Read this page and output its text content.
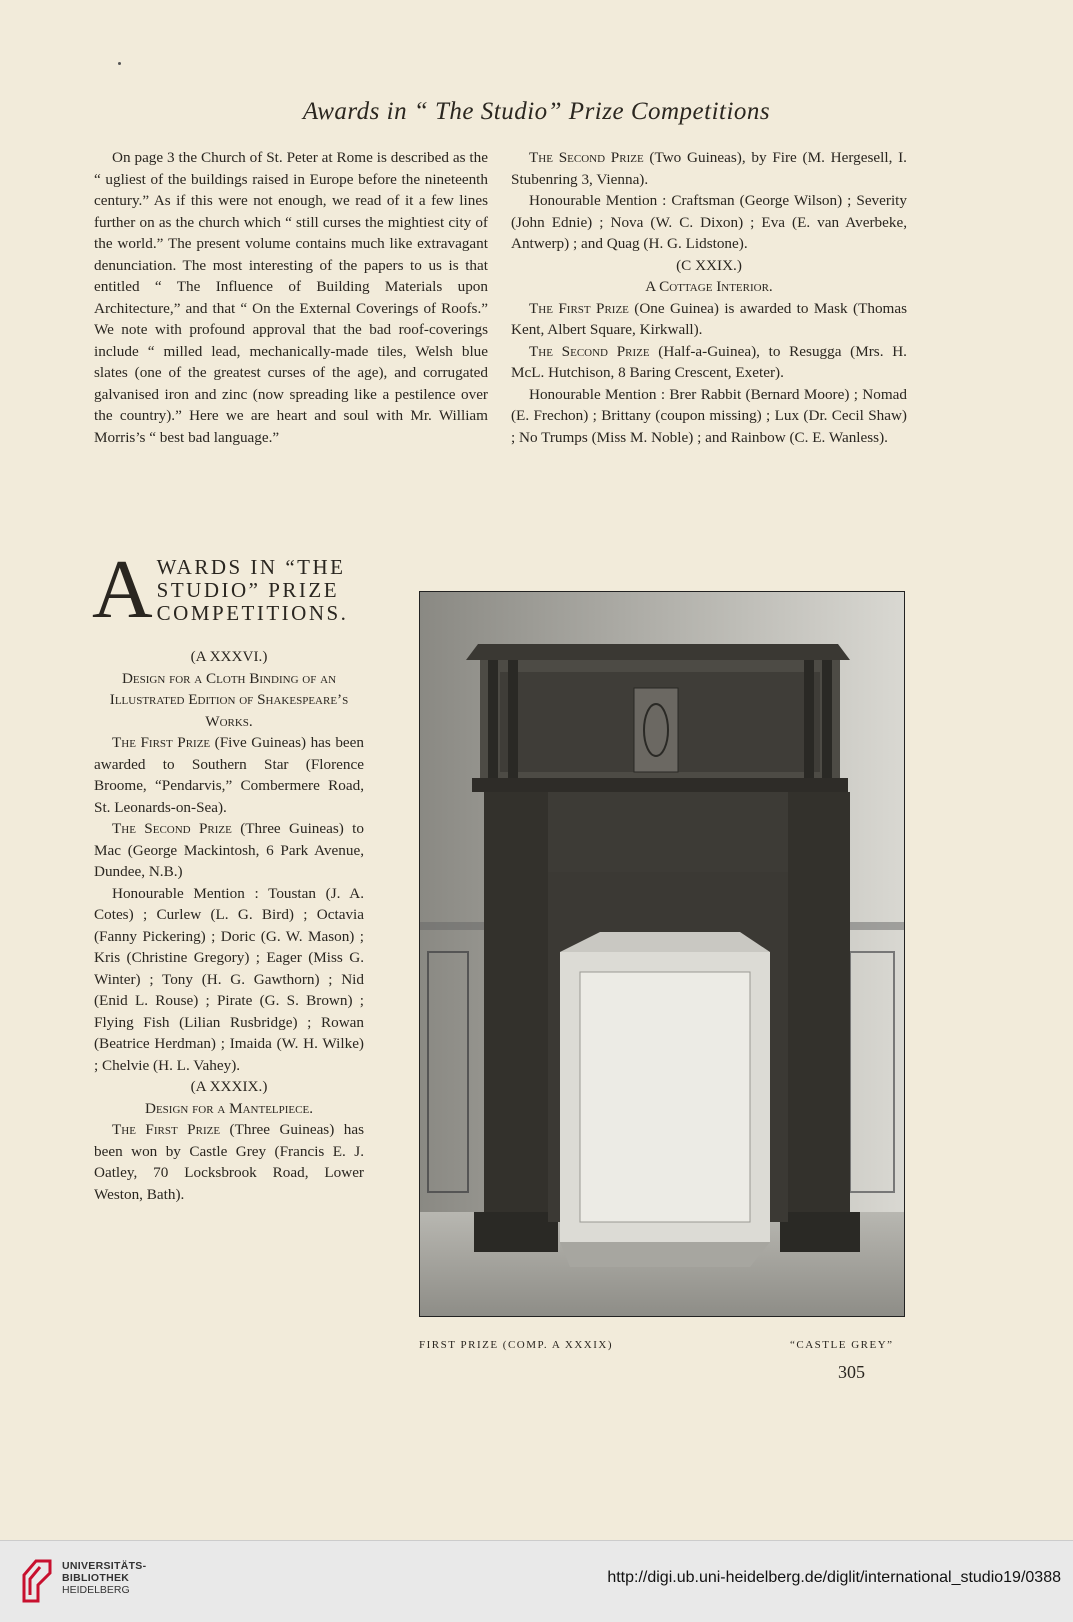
Awards in “ The Studio” Prize Competitions

On page 3 the Church of St. Peter at Rome is described as the “ ugliest of the buildings raised in Europe before the nineteenth century.” As if this were not enough, we read of it a few lines further on as the church which “ still curses the mightiest city of the world.” The present volume contains much like extravagant denunciation. The most interesting of the papers to us is that entitled “ The Influence of Building Materials upon Architecture,” and that “ On the External Coverings of Roofs.” We note with profound approval that the bad roof-coverings include “ milled lead, mechanically-made tiles, Welsh blue slates (one of the greatest curses of the age), and corrugated galvanised iron and zinc (now spreading like a pestilence over the country).” Here we are heart and soul with Mr. William Morris’s “ best bad language.”

The Second Prize (Two Guineas), by Fire (M. Hergesell, I. Stubenring 3, Vienna).

Honourable Mention : Craftsman (George Wilson) ; Severity (John Ednie) ; Nova (W. C. Dixon) ; Eva (E. van Averbeke, Antwerp) ; and Quag (H. G. Lidstone).

(C XXIX.)

A Cottage Interior.

The First Prize (One Guinea) is awarded to Mask (Thomas Kent, Albert Square, Kirkwall).

The Second Prize (Half-a-Guinea), to Resugga (Mrs. H. McL. Hutchison, 8 Baring Crescent, Exeter).

Honourable Mention : Brer Rabbit (Bernard Moore) ; Nomad (E. Frechon) ; Brittany (coupon missing) ; Lux (Dr. Cecil Shaw) ; No Trumps (Miss M. Noble) ; and Rainbow (C. E. Wanless).

A WARDS IN “THE STUDIO” PRIZE COMPETITIONS.

(A XXXVI.)

Design for a Cloth Binding of an Illustrated Edition of Shakespeare’s Works.

The First Prize (Five Guineas) has been awarded to Southern Star (Florence Broome, “Pendarvis,” Combermere Road, St. Leonards-on-Sea).

The Second Prize (Three Guineas) to Mac (George Mackintosh, 6 Park Avenue, Dundee, N.B.)

Honourable Mention : Toustan (J. A. Cotes) ; Curlew (L. G. Bird) ; Octavia (Fanny Pickering) ; Doric (G. W. Mason) ; Kris (Christine Gregory) ; Eager (Miss G. Winter) ; Tony (H. G. Gawthorn) ; Nid (Enid L. Rouse) ; Pirate (G. S. Brown) ; Flying Fish (Lilian Rusbridge) ; Rowan (Beatrice Herdman) ; Imaida (W. H. Wilke) ; Chelvie (H. L. Vahey).

(A XXXIX.)

Design for a Mantelpiece.

The First Prize (Three Guineas) has been won by Castle Grey (Francis E. J. Oatley, 70 Locksbrook Road, Lower Weston, Bath).

FIRST PRIZE (COMP. A XXXIX)	“CASTLE GREY”
305
UNIVERSITÄTS-
BIBLIOTHEK
HEIDELBERG
http://digi.ub.uni-heidelberg.de/diglit/international_studio19/0388
